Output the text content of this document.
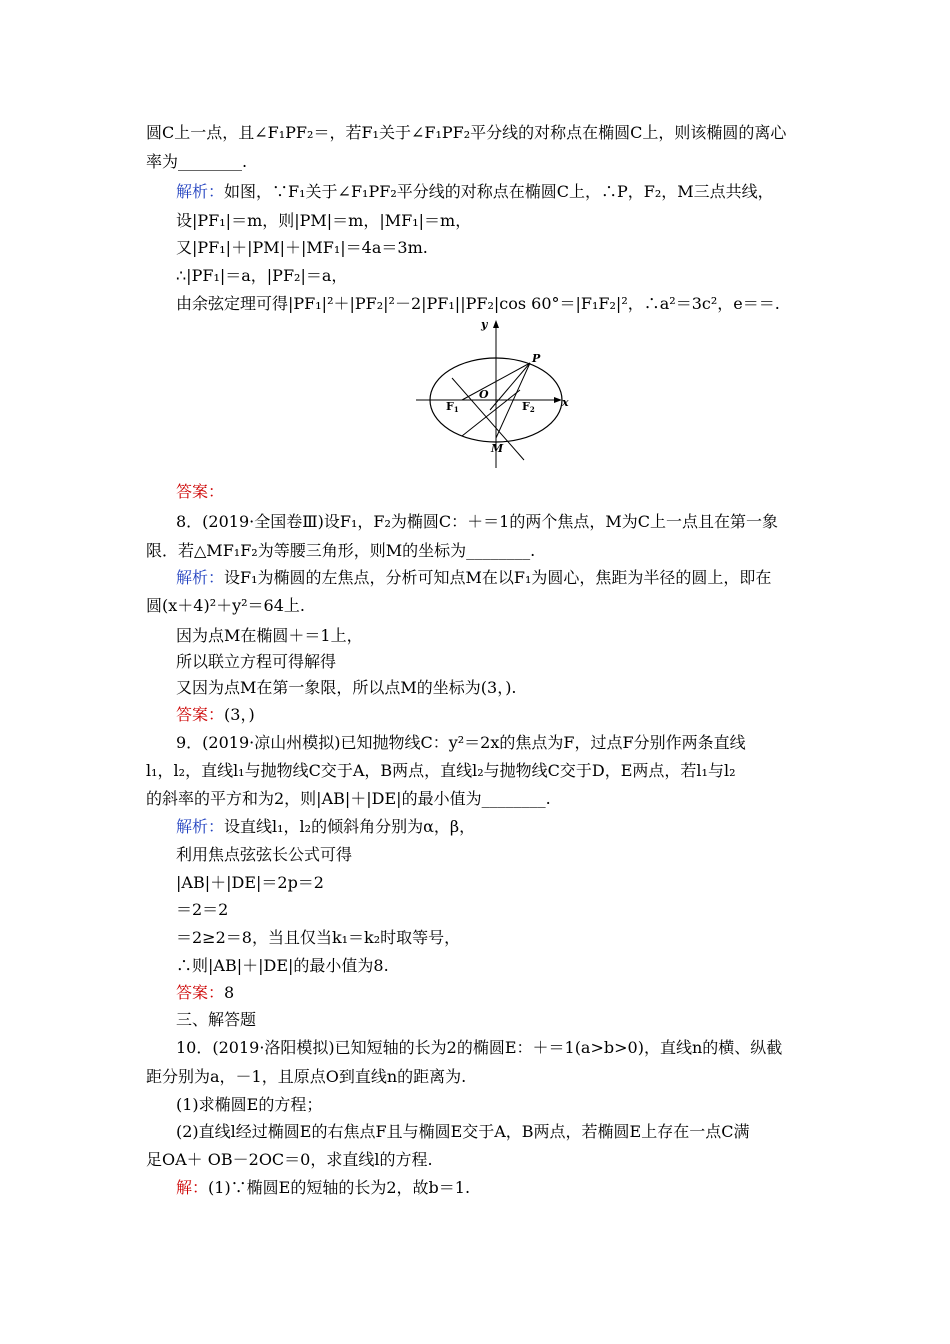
圆C上一点，且∠F₁PF₂＝，若F₁关于∠F₁PF₂平分线的对称点在椭圆C上，则该椭圆的离心
率为________.
解析：如图，∵F₁关于∠F₁PF₂平分线的对称点在椭圆C上，∴P，F₂，M三点共线，
设|PF₁|＝m，则|PM|＝m，|MF₁|＝m，
又|PF₁|＋|PM|＋|MF₁|＝4a＝3m.
∴|PF₁|＝a，|PF₂|＝a，
由余弦定理可得|PF₁|²＋|PF₂|²－2|PF₁||PF₂|cos 60°＝|F₁F₂|²，∴a²＝3c²，e＝＝.
y
x
P
O
F1	F2
M
答案：
8．(2019·全国卷Ⅲ)设F₁，F₂为椭圆C：＋＝1的两个焦点，M为C上一点且在第一象
限．若△MF₁F₂为等腰三角形，则M的坐标为________.
解析：设F₁为椭圆的左焦点，分析可知点M在以F₁为圆心，焦距为半径的圆上，即在
圆(x＋4)²＋y²＝64上.
因为点M在椭圆＋＝1上，
所以联立方程可得解得
又因为点M在第一象限，所以点M的坐标为(3，).
答案：(3，)
9．(2019·凉山州模拟)已知抛物线C：y²＝2x的焦点为F，过点F分别作两条直线
l₁，l₂，直线l₁与抛物线C交于A，B两点，直线l₂与抛物线C交于D，E两点，若l₁与l₂
的斜率的平方和为2，则|AB|＋|DE|的最小值为________.
解析：设直线l₁，l₂的倾斜角分别为α，β，
利用焦点弦弦长公式可得
|AB|＋|DE|＝2p＝2
＝2＝2
＝2≥2＝8，当且仅当k₁＝k₂时取等号，
∴则|AB|＋|DE|的最小值为8.
答案：8
三、解答题
10．(2019·洛阳模拟)已知短轴的长为2的椭圆E：＋＝1(a>b>0)，直线n的横、纵截
距分别为a，－1，且原点O到直线n的距离为.
(1)求椭圆E的方程；
(2)直线l经过椭圆E的右焦点F且与椭圆E交于A，B两点，若椭圆E上存在一点C满
足OA＋ OB－2OC＝0，求直线l的方程.
解：(1)∵椭圆E的短轴的长为2，故b＝1.
